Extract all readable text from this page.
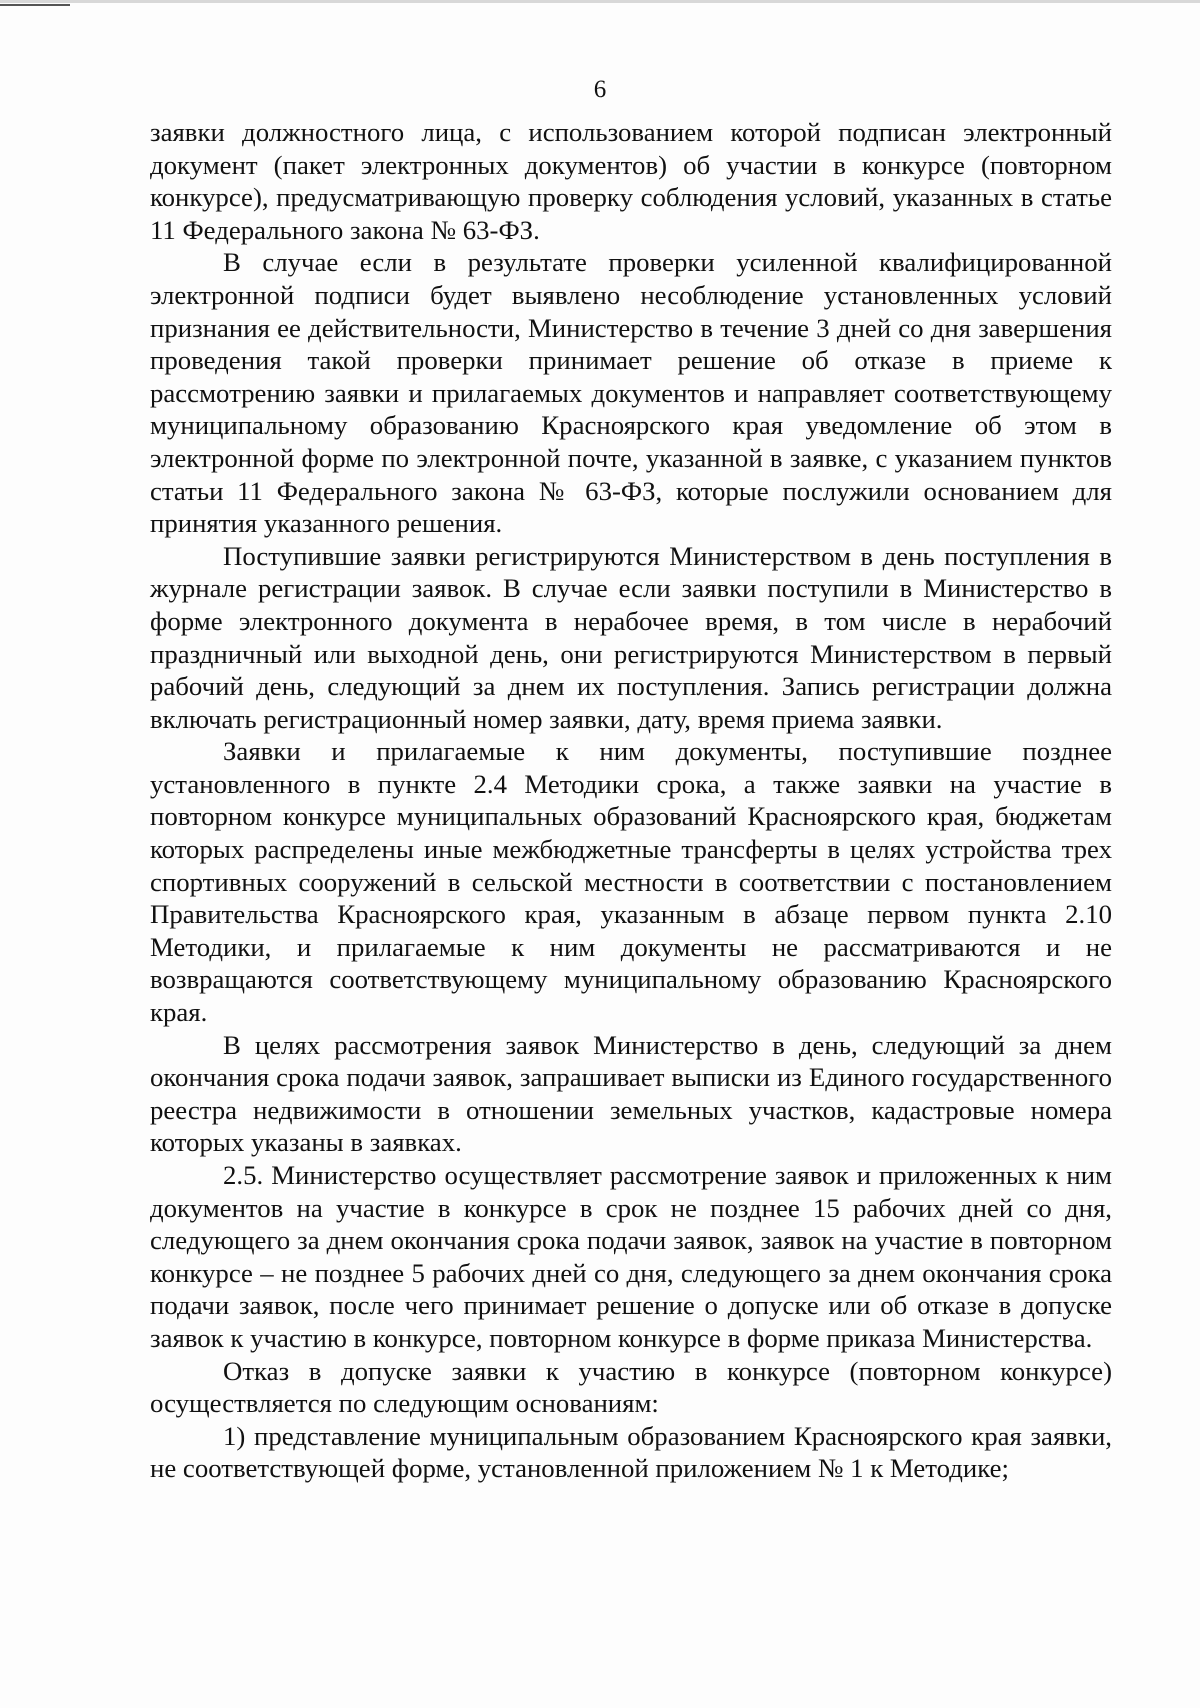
6

заявки должностного лица, с использованием которой подписан электронный документ (пакет электронных документов) об участии в конкурсе (повторном конкурсе), предусматривающую проверку соблюдения условий, указанных в статье 11 Федерального закона № 63-ФЗ.

В случае если в результате проверки усиленной квалифицированной электронной подписи будет выявлено несоблюдение установленных условий признания ее действительности, Министерство в течение 3 дней со дня завершения проведения такой проверки принимает решение об отказе в приеме к рассмотрению заявки и прилагаемых документов и направляет соответствующему муниципальному образованию Красноярского края уведомление об этом в электронной форме по электронной почте, указанной в заявке, с указанием пунктов статьи 11 Федерального закона № 63-ФЗ, которые послужили основанием для принятия указанного решения.

Поступившие заявки регистрируются Министерством в день поступления в журнале регистрации заявок. В случае если заявки поступили в Министерство в форме электронного документа в нерабочее время, в том числе в нерабочий праздничный или выходной день, они регистрируются Министерством в первый рабочий день, следующий за днем их поступления. Запись регистрации должна включать регистрационный номер заявки, дату, время приема заявки.

Заявки и прилагаемые к ним документы, поступившие позднее установленного в пункте 2.4 Методики срока, а также заявки на участие в повторном конкурсе муниципальных образований Красноярского края, бюджетам которых распределены иные межбюджетные трансферты в целях устройства трех спортивных сооружений в сельской местности в соответствии с постановлением Правительства Красноярского края, указанным в абзаце первом пункта 2.10 Методики, и прилагаемые к ним документы не рассматриваются и не возвращаются соответствующему муниципальному образованию Красноярского края.

В целях рассмотрения заявок Министерство в день, следующий за днем окончания срока подачи заявок, запрашивает выписки из Единого государственного реестра недвижимости в отношении земельных участков, кадастровые номера которых указаны в заявках.

2.5. Министерство осуществляет рассмотрение заявок и приложенных к ним документов на участие в конкурсе в срок не позднее 15 рабочих дней со дня, следующего за днем окончания срока подачи заявок, заявок на участие в повторном конкурсе – не позднее 5 рабочих дней со дня, следующего за днем окончания срока подачи заявок, после чего принимает решение о допуске или об отказе в допуске заявок к участию в конкурсе, повторном конкурсе в форме приказа Министерства.

Отказ в допуске заявки к участию в конкурсе (повторном конкурсе) осуществляется по следующим основаниям:

1) представление муниципальным образованием Красноярского края заявки, не соответствующей форме, установленной приложением № 1 к Методике;
